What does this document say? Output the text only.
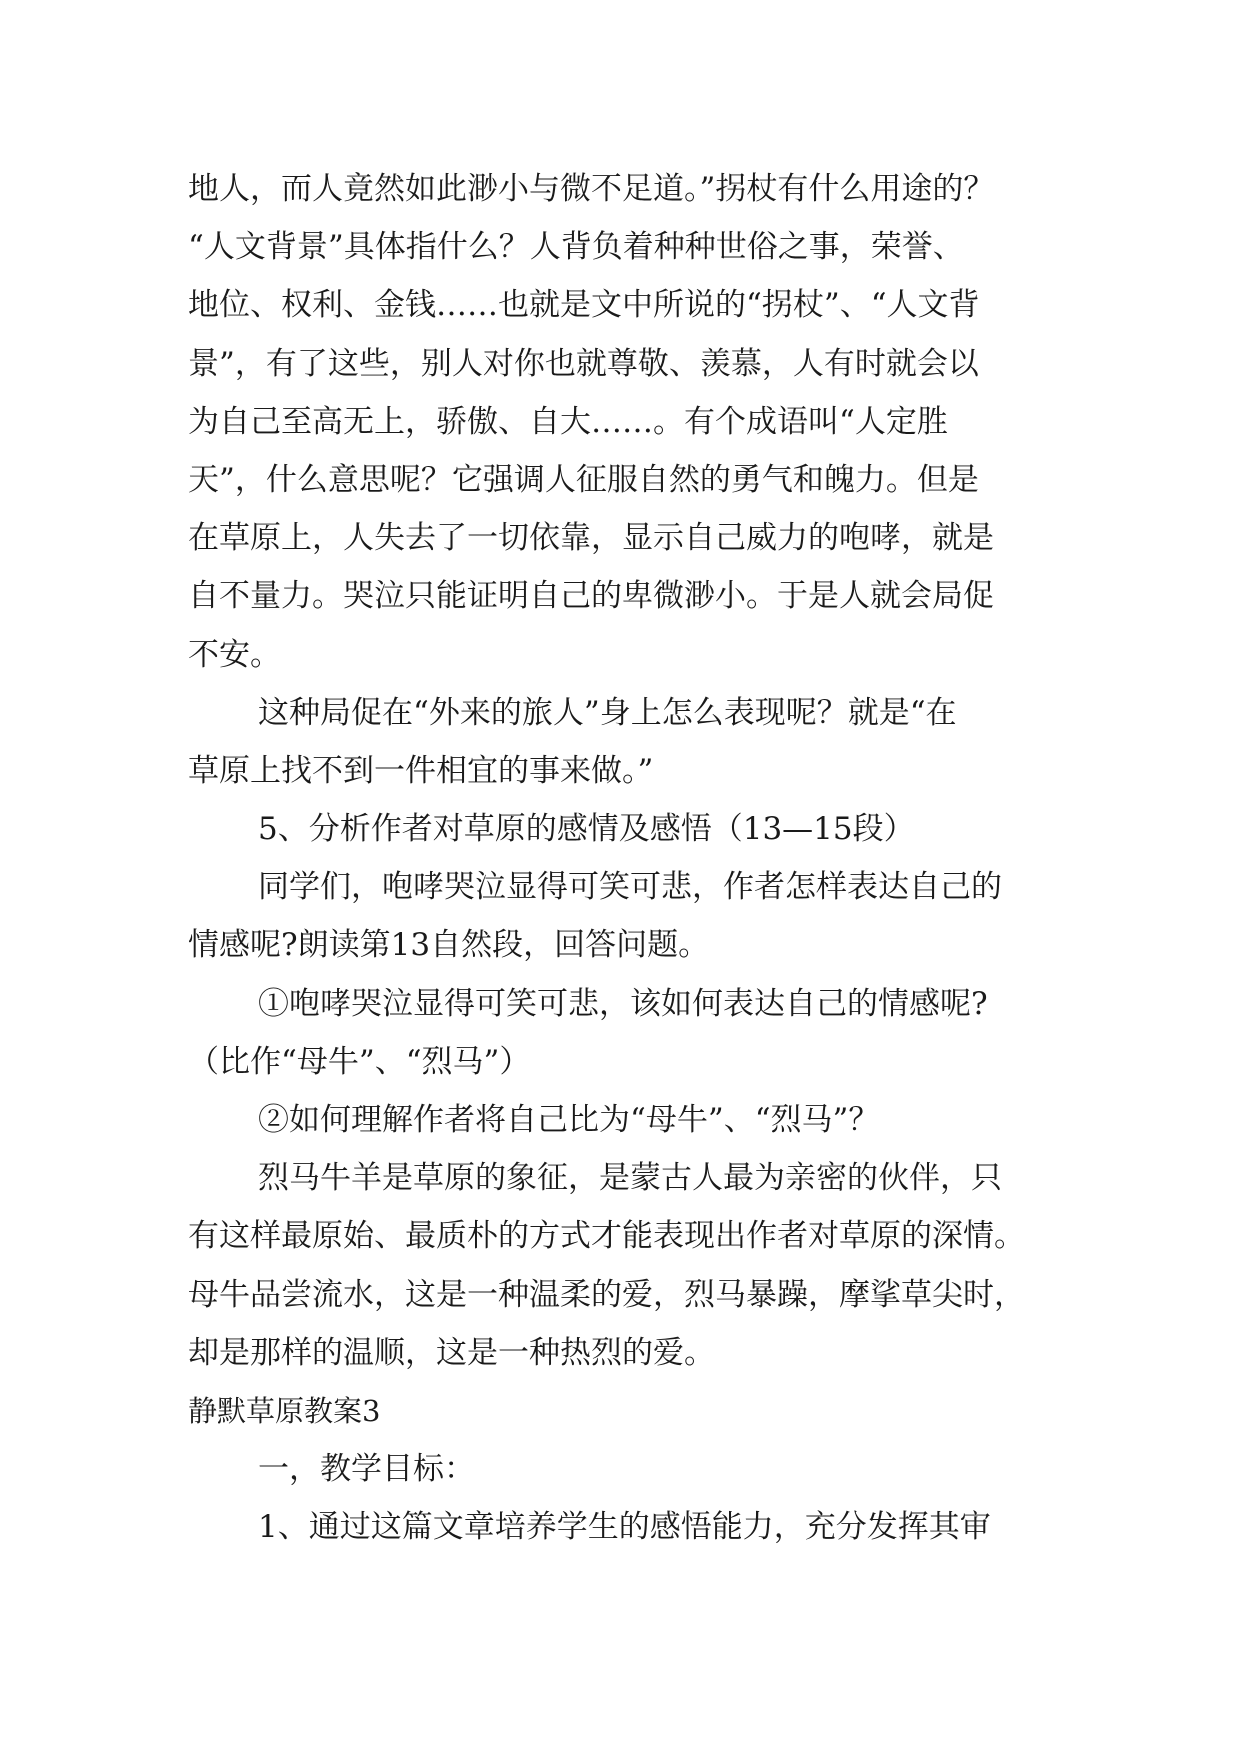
地人，而人竟然如此渺小与微不足道。”拐杖有什么用途的？
“人文背景”具体指什么？人背负着种种世俗之事，荣誉、
地位、权利、金钱……也就是文中所说的“拐杖”、“人文背
景”，有了这些，别人对你也就尊敬、羡慕，人有时就会以
为自己至高无上，骄傲、自大……。有个成语叫“人定胜
天”，什么意思呢？它强调人征服自然的勇气和魄力。但是
在草原上，人失去了一切依靠，显示自己威力的咆哮，就是
自不量力。哭泣只能证明自己的卑微渺小。于是人就会局促
不安。
这种局促在“外来的旅人”身上怎么表现呢？就是“在
草原上找不到一件相宜的事来做。”
5、分析作者对草原的感情及感悟（13—15段）
同学们，咆哮哭泣显得可笑可悲，作者怎样表达自己的
情感呢?朗读第13自然段，回答问题。
①咆哮哭泣显得可笑可悲，该如何表达自己的情感呢?
（比作“母牛”、“烈马”）
②如何理解作者将自己比为“母牛”、“烈马”？
烈马牛羊是草原的象征，是蒙古人最为亲密的伙伴，只
有这样最原始、最质朴的方式才能表现出作者对草原的深情。
母牛品尝流水，这是一种温柔的爱，烈马暴躁，摩挲草尖时，
却是那样的温顺，这是一种热烈的爱。
静默草原教案3
一，教学目标：
1、通过这篇文章培养学生的感悟能力，充分发挥其审
